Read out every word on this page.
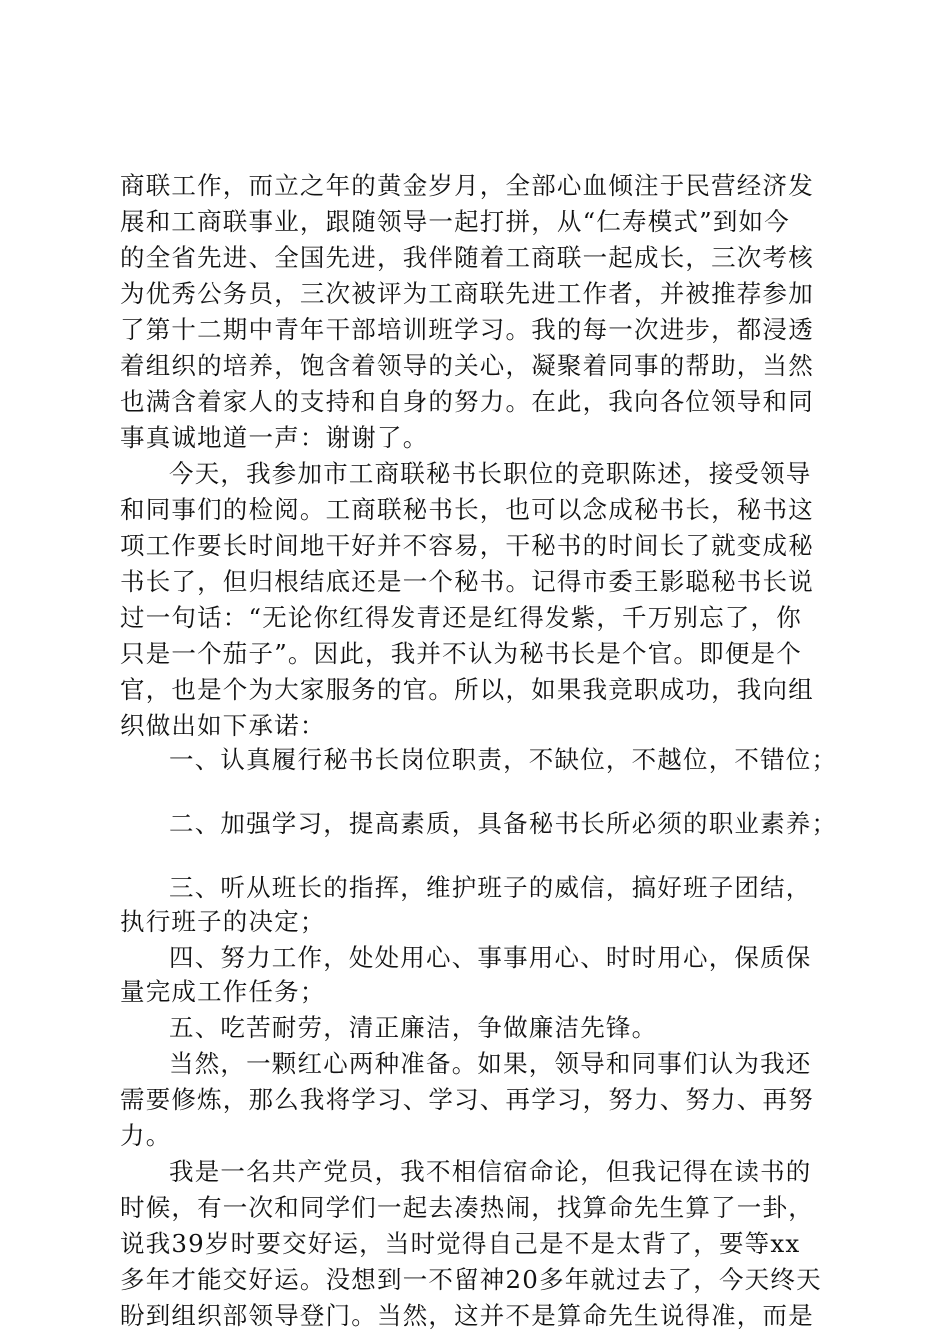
商联工作，而立之年的黄金岁月，全部心血倾注于民营经济发
展和工商联事业，跟随领导一起打拼，从“仁寿模式”到如今
的全省先进、全国先进，我伴随着工商联一起成长，三次考核
为优秀公务员，三次被评为工商联先进工作者，并被推荐参加
了第十二期中青年干部培训班学习。我的每一次进步，都浸透
着组织的培养，饱含着领导的关心，凝聚着同事的帮助，当然
也满含着家人的支持和自身的努力。在此，我向各位领导和同
事真诚地道一声：谢谢了。
今天，我参加市工商联秘书长职位的竞职陈述，接受领导
和同事们的检阅。工商联秘书长，也可以念成秘书长，秘书这
项工作要长时间地干好并不容易，干秘书的时间长了就变成秘
书长了，但归根结底还是一个秘书。记得市委王影聪秘书长说
过一句话：“无论你红得发青还是红得发紫，千万别忘了，你
只是一个茄子”。因此，我并不认为秘书长是个官。即便是个
官，也是个为大家服务的官。所以，如果我竞职成功，我向组
织做出如下承诺：
一、认真履行秘书长岗位职责，不缺位，不越位，不错位；
二、加强学习，提高素质，具备秘书长所必须的职业素养；
三、听从班长的指挥，维护班子的威信，搞好班子团结，
执行班子的决定；
四、努力工作，处处用心、事事用心、时时用心，保质保
量完成工作任务；
五、吃苦耐劳，清正廉洁，争做廉洁先锋。
当然，一颗红心两种准备。如果，领导和同事们认为我还
需要修炼，那么我将学习、学习、再学习，努力、努力、再努
力。
我是一名共产党员，我不相信宿命论，但我记得在读书的
时候，有一次和同学们一起去凑热闹，找算命先生算了一卦，
说我39岁时要交好运，当时觉得自己是不是太背了，要等xx
多年才能交好运。没想到一不留神20多年就过去了，今天终天
盼到组织部领导登门。当然，这并不是算命先生说得准，而是
